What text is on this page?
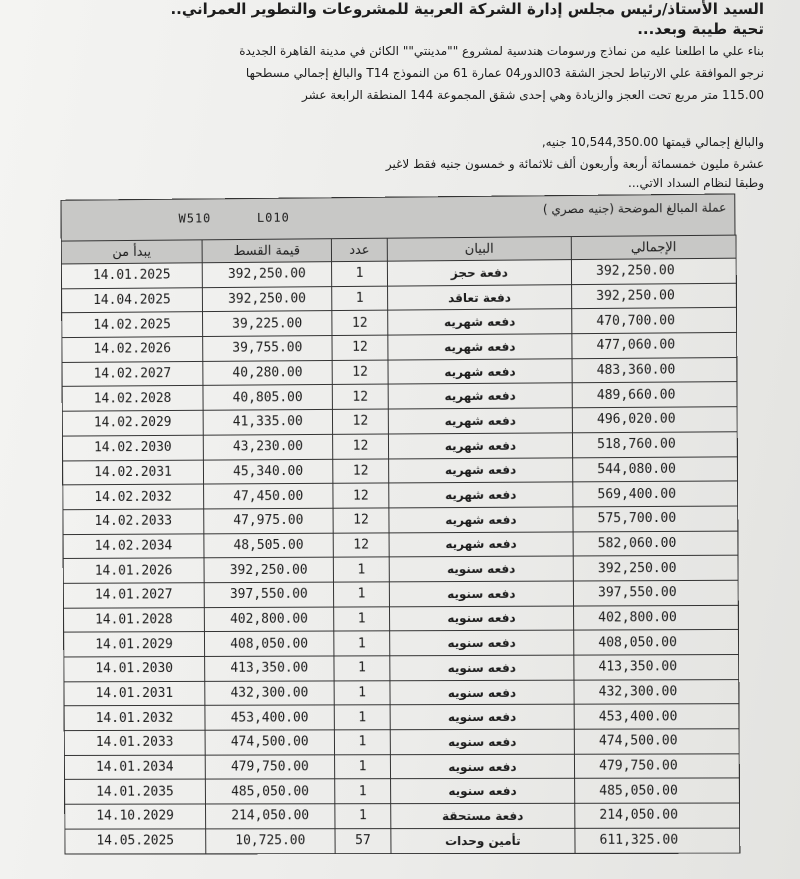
السيد الأستاذ/رئيس مجلس إدارة الشركة العربية للمشروعات والتطوير العمراني..
تحية طيبة وبعد...
بناء علي ما اطلعنا عليه من نماذج ورسومات هندسية لمشروع ""مدينتي"" الكائن في مدينة القاهرة الجديدة
نرجو الموافقة علي الارتباط لحجز الشقة 03الدور04 عمارة 61 من النموذج T14 والبالغ إجمالي مسطحها
115.00 متر مربع تحت العجز والزيادة وهي إحدى شقق المجموعة 144 المنطقة الرابعة عشر
والبالغ إجمالي قيمتها 10,544,350.00 جنيه,
عشرة مليون خمسمائة أربعة وأربعون ألف ثلاثمائة و خمسون جنيه فقط لاغير
وطبقا لنظام السداد الاتي...
عملة المبالغ الموضحة (جنيه مصري )
W510	L010
يبدأ من	قيمة القسط	عدد	البيان	الإجمالي
14.01.2025	392,250.00	1	دفعة حجز	392,250.00
14.04.2025	392,250.00	1	دفعة تعاقد	392,250.00
14.02.2025	39,225.00	12	دفعه شهريه	470,700.00
14.02.2026	39,755.00	12	دفعه شهريه	477,060.00
14.02.2027	40,280.00	12	دفعه شهريه	483,360.00
14.02.2028	40,805.00	12	دفعه شهريه	489,660.00
14.02.2029	41,335.00	12	دفعه شهريه	496,020.00
14.02.2030	43,230.00	12	دفعه شهريه	518,760.00
14.02.2031	45,340.00	12	دفعه شهريه	544,080.00
14.02.2032	47,450.00	12	دفعه شهريه	569,400.00
14.02.2033	47,975.00	12	دفعه شهريه	575,700.00
14.02.2034	48,505.00	12	دفعه شهريه	582,060.00
14.01.2026	392,250.00	1	دفعه سنويه	392,250.00
14.01.2027	397,550.00	1	دفعه سنويه	397,550.00
14.01.2028	402,800.00	1	دفعه سنويه	402,800.00
14.01.2029	408,050.00	1	دفعه سنويه	408,050.00
14.01.2030	413,350.00	1	دفعه سنويه	413,350.00
14.01.2031	432,300.00	1	دفعه سنويه	432,300.00
14.01.2032	453,400.00	1	دفعه سنويه	453,400.00
14.01.2033	474,500.00	1	دفعه سنويه	474,500.00
14.01.2034	479,750.00	1	دفعه سنويه	479,750.00
14.01.2035	485,050.00	1	دفعه سنويه	485,050.00
14.10.2029	214,050.00	1	دفعة مستحقة	214,050.00
14.05.2025	10,725.00	57	تأمين وحدات	611,325.00
